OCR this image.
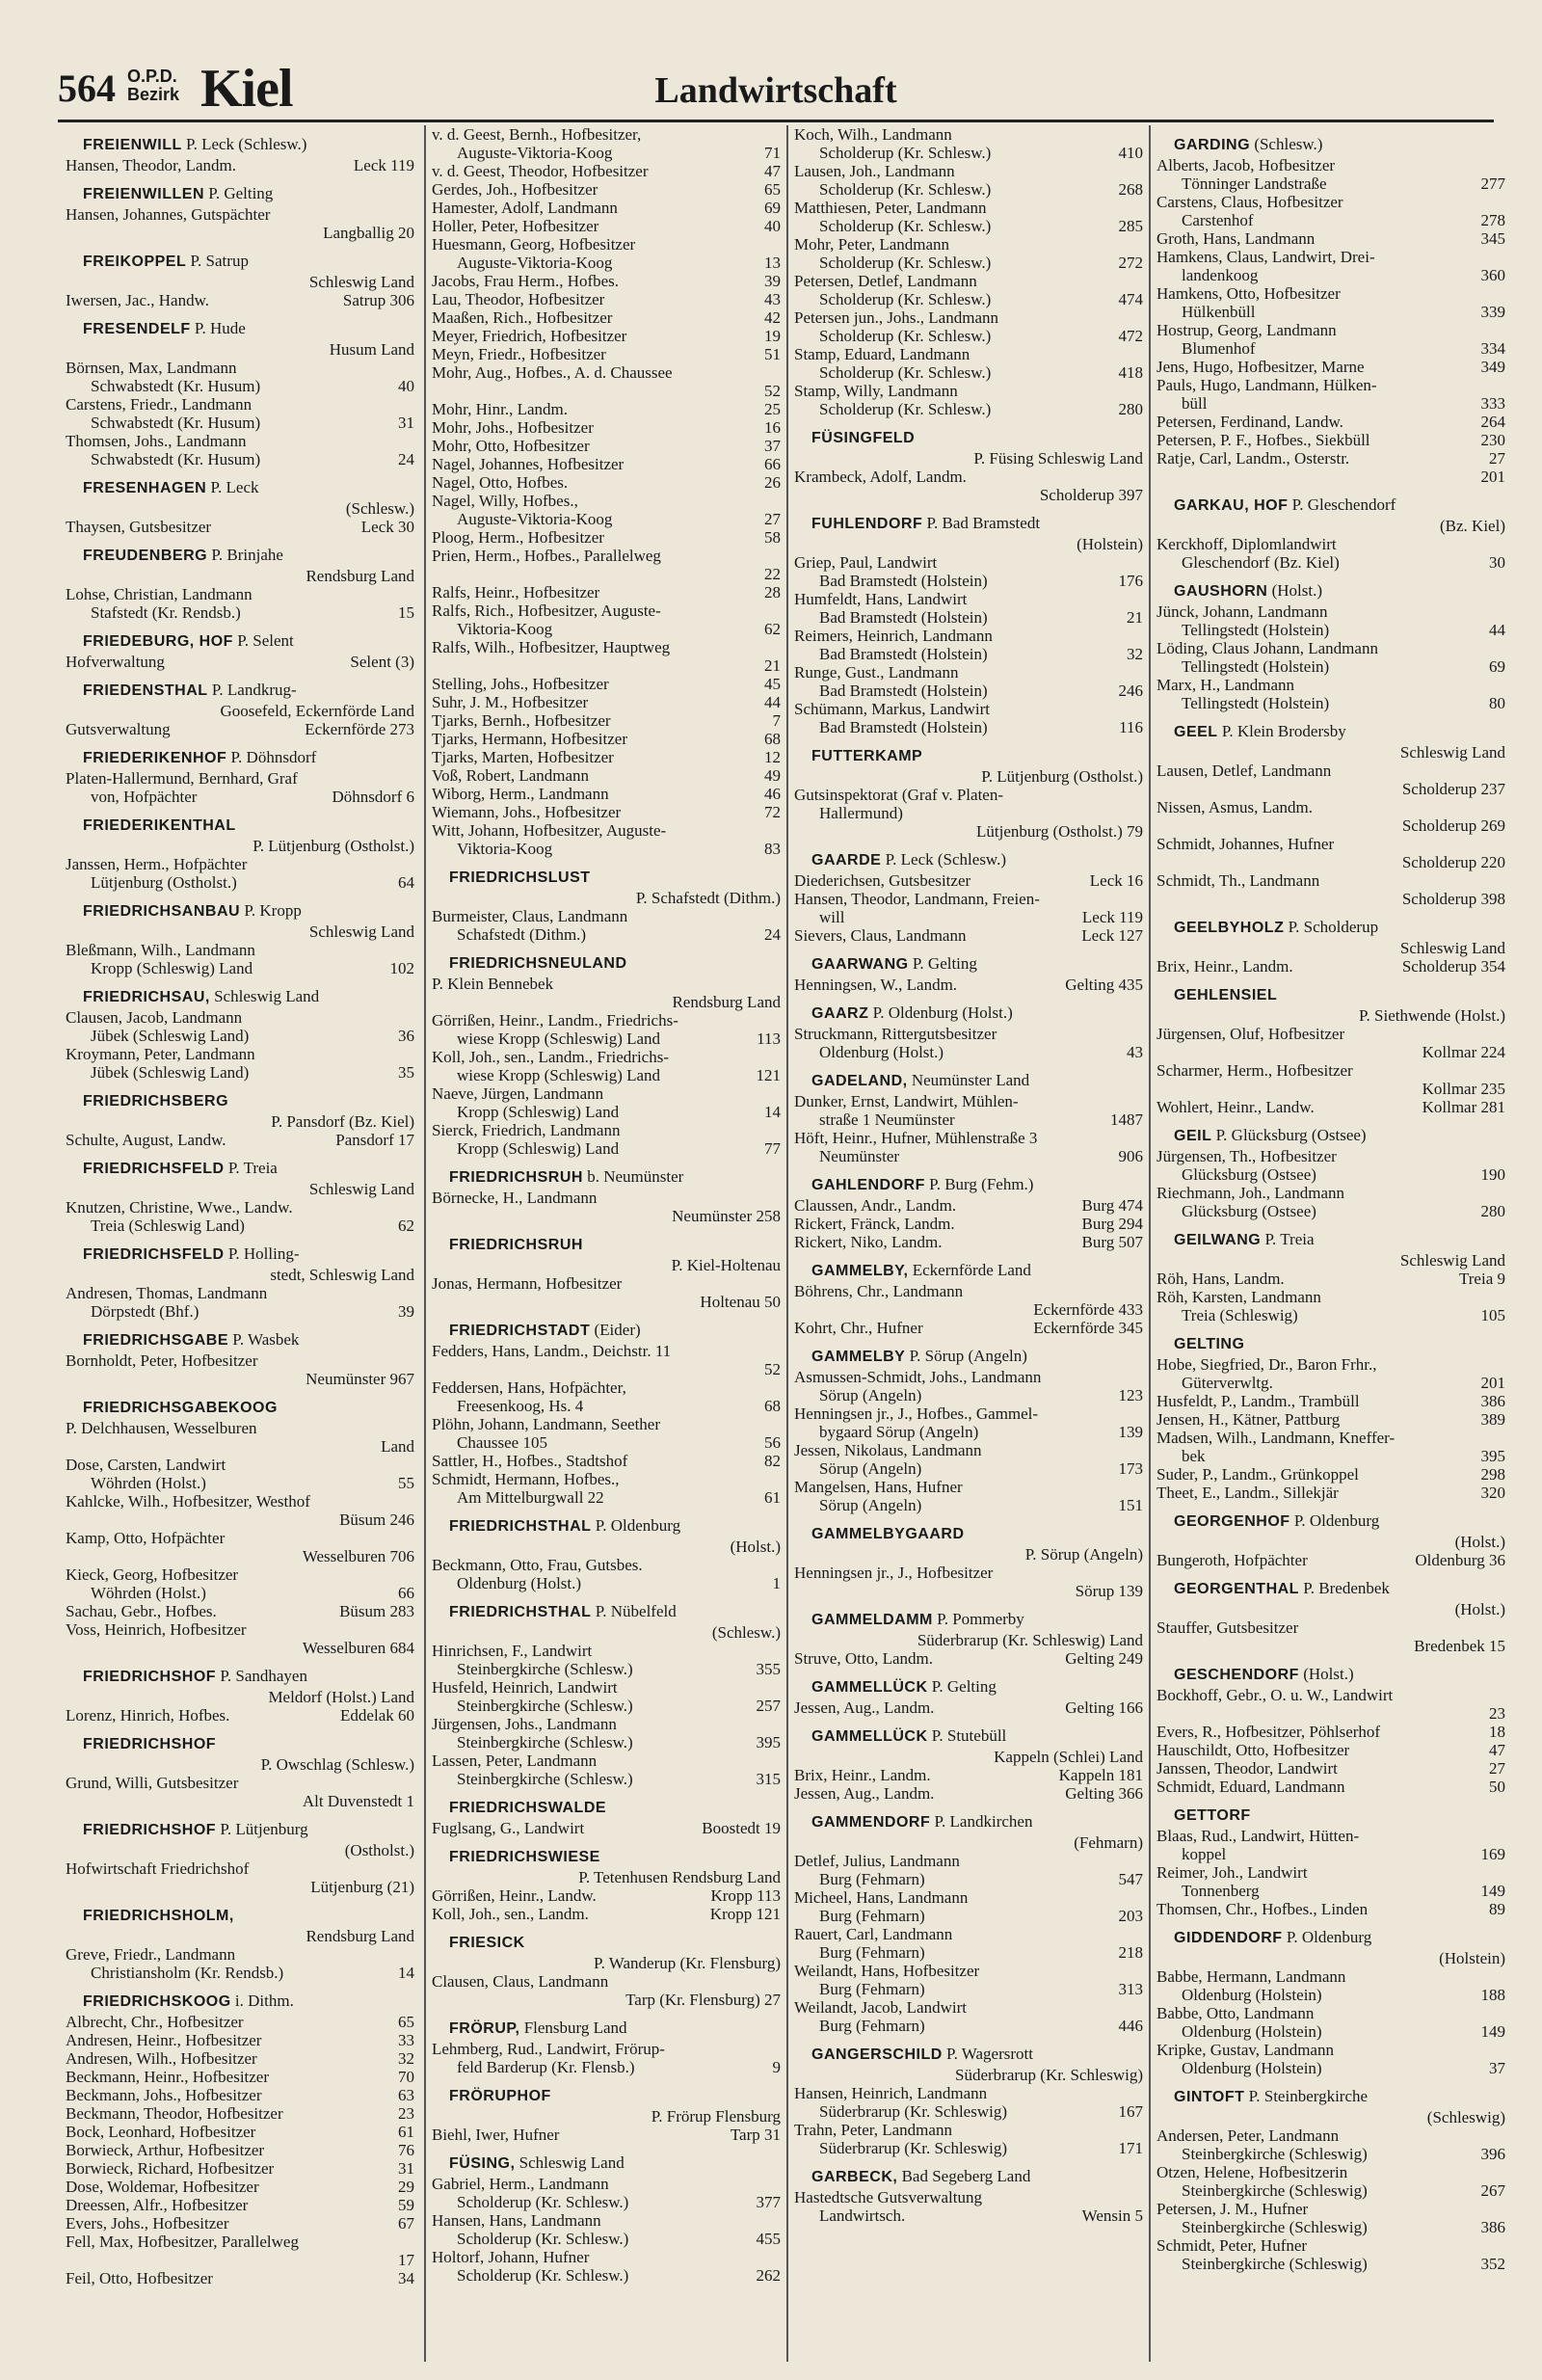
564 O.P.D.
Bezirk Kiel	Landwirtschaft
FREIENWILL P. Leck (Schlesw.)
Hansen, Theodor, Landm.	Leck 119
FREIENWILLEN P. Gelting
Hansen, Johannes, Gutspächter
Langballig 20
FREIKOPPEL P. Satrup
Schleswig Land
Iwersen, Jac., Handw.	Satrup 306
FRESENDELF P. Hude
Husum Land
Börnsen, Max, Landmann
Schwabstedt (Kr. Husum)	40
Carstens, Friedr., Landmann
Schwabstedt (Kr. Husum)	31
Thomsen, Johs., Landmann
Schwabstedt (Kr. Husum)	24
FRESENHAGEN P. Leck
(Schlesw.)
Thaysen, Gutsbesitzer	Leck 30
FREUDENBERG P. Brinjahe
Rendsburg Land
Lohse, Christian, Landmann
Stafstedt (Kr. Rendsb.)	15
FRIEDEBURG, HOF P. Selent
Hofverwaltung	Selent (3)
FRIEDENSTHAL P. Landkrug-
Goosefeld, Eckernförde Land
Gutsverwaltung	Eckernförde 273
FRIEDERIKENHOF P. Döhnsdorf
Platen-Hallermund, Bernhard, Graf
von, Hofpächter	Döhnsdorf 6
FRIEDERIKENTHAL
P. Lütjenburg (Ostholst.)
Janssen, Herm., Hofpächter
Lütjenburg (Ostholst.)	64
FRIEDRICHSANBAU P. Kropp
Schleswig Land
Bleßmann, Wilh., Landmann
Kropp (Schleswig) Land	102
FRIEDRICHSAU, Schleswig Land
Clausen, Jacob, Landmann
Jübek (Schleswig Land)	36
Kroymann, Peter, Landmann
Jübek (Schleswig Land)	35
FRIEDRICHSBERG
P. Pansdorf (Bz. Kiel)
Schulte, August, Landw.	Pansdorf 17
FRIEDRICHSFELD P. Treia
Schleswig Land
Knutzen, Christine, Wwe., Landw.
Treia (Schleswig Land)	62
FRIEDRICHSFELD P. Holling-
stedt, Schleswig Land
Andresen, Thomas, Landmann
Dörpstedt (Bhf.)	39
FRIEDRICHSGABE P. Wasbek
Bornholdt, Peter, Hofbesitzer
Neumünster 967
FRIEDRICHSGABEKOOG
P. Delchhausen, Wesselburen
Land
Dose, Carsten, Landwirt
Wöhrden (Holst.)	55
Kahlcke, Wilh., Hofbesitzer, Westhof
Büsum 246
Kamp, Otto, Hofpächter
Wesselburen 706
Kieck, Georg, Hofbesitzer
Wöhrden (Holst.)	66
Sachau, Gebr., Hofbes.	Büsum 283
Voss, Heinrich, Hofbesitzer
Wesselburen 684
FRIEDRICHSHOF P. Sandhayen
Meldorf (Holst.) Land
Lorenz, Hinrich, Hofbes.	Eddelak 60
FRIEDRICHSHOF
P. Owschlag (Schlesw.)
Grund, Willi, Gutsbesitzer
Alt Duvenstedt 1
FRIEDRICHSHOF P. Lütjenburg
(Ostholst.)
Hofwirtschaft Friedrichshof
Lütjenburg (21)
FRIEDRICHSHOLM,
Rendsburg Land
Greve, Friedr., Landmann
Christiansholm (Kr. Rendsb.)	14
FRIEDRICHSKOOG i. Dithm.
Albrecht, Chr., Hofbesitzer	65
Andresen, Heinr., Hofbesitzer	33
Andresen, Wilh., Hofbesitzer	32
Beckmann, Heinr., Hofbesitzer	70
Beckmann, Johs., Hofbesitzer	63
Beckmann, Theodor, Hofbesitzer	23
Bock, Leonhard, Hofbesitzer	61
Borwieck, Arthur, Hofbesitzer	76
Borwieck, Richard, Hofbesitzer	31
Dose, Woldemar, Hofbesitzer	29
Dreessen, Alfr., Hofbesitzer	59
Evers, Johs., Hofbesitzer	67
Fell, Max, Hofbesitzer, Parallelweg
17
Feil, Otto, Hofbesitzer	34
v. d. Geest, Bernh., Hofbesitzer,
Auguste-Viktoria-Koog	71
v. d. Geest, Theodor, Hofbesitzer	47
Gerdes, Joh., Hofbesitzer	65
Hamester, Adolf, Landmann	69
Holler, Peter, Hofbesitzer	40
Huesmann, Georg, Hofbesitzer
Auguste-Viktoria-Koog	13
Jacobs, Frau Herm., Hofbes.	39
Lau, Theodor, Hofbesitzer	43
Maaßen, Rich., Hofbesitzer	42
Meyer, Friedrich, Hofbesitzer	19
Meyn, Friedr., Hofbesitzer	51
Mohr, Aug., Hofbes., A. d. Chaussee
52
Mohr, Hinr., Landm.	25
Mohr, Johs., Hofbesitzer	16
Mohr, Otto, Hofbesitzer	37
Nagel, Johannes, Hofbesitzer	66
Nagel, Otto, Hofbes.	26
Nagel, Willy, Hofbes.,
Auguste-Viktoria-Koog	27
Ploog, Herm., Hofbesitzer	58
Prien, Herm., Hofbes., Parallelweg
22
Ralfs, Heinr., Hofbesitzer	28
Ralfs, Rich., Hofbesitzer, Auguste-
Viktoria-Koog	62
Ralfs, Wilh., Hofbesitzer, Hauptweg
21
Stelling, Johs., Hofbesitzer	45
Suhr, J. M., Hofbesitzer	44
Tjarks, Bernh., Hofbesitzer	7
Tjarks, Hermann, Hofbesitzer	68
Tjarks, Marten, Hofbesitzer	12
Voß, Robert, Landmann	49
Wiborg, Herm., Landmann	46
Wiemann, Johs., Hofbesitzer	72
Witt, Johann, Hofbesitzer, Auguste-
Viktoria-Koog	83
FRIEDRICHSLUST
P. Schafstedt (Dithm.)
Burmeister, Claus, Landmann
Schafstedt (Dithm.)	24
FRIEDRICHSNEULAND
P. Klein Bennebek
Rendsburg Land
Görrißen, Heinr., Landm., Friedrichs-
wiese Kropp (Schleswig) Land	113
Koll, Joh., sen., Landm., Friedrichs-
wiese Kropp (Schleswig) Land	121
Naeve, Jürgen, Landmann
Kropp (Schleswig) Land	14
Sierck, Friedrich, Landmann
Kropp (Schleswig) Land	77
FRIEDRICHSRUH b. Neumünster
Börnecke, H., Landmann
Neumünster 258
FRIEDRICHSRUH
P. Kiel-Holtenau
Jonas, Hermann, Hofbesitzer
Holtenau 50
FRIEDRICHSTADT (Eider)
Fedders, Hans, Landm., Deichstr. 11
52
Feddersen, Hans, Hofpächter,
Freesenkoog, Hs. 4	68
Plöhn, Johann, Landmann, Seether
Chaussee 105	56
Sattler, H., Hofbes., Stadtshof	82
Schmidt, Hermann, Hofbes.,
Am Mittelburgwall 22	61
FRIEDRICHSTHAL P. Oldenburg
(Holst.)
Beckmann, Otto, Frau, Gutsbes.
Oldenburg (Holst.)	1
FRIEDRICHSTHAL P. Nübelfeld
(Schlesw.)
Hinrichsen, F., Landwirt
Steinbergkirche (Schlesw.)	355
Husfeld, Heinrich, Landwirt
Steinbergkirche (Schlesw.)	257
Jürgensen, Johs., Landmann
Steinbergkirche (Schlesw.)	395
Lassen, Peter, Landmann
Steinbergkirche (Schlesw.)	315
FRIEDRICHSWALDE
Fuglsang, G., Landwirt	Boostedt 19
FRIEDRICHSWIESE
P. Tetenhusen Rendsburg Land
Görrißen, Heinr., Landw.	Kropp 113
Koll, Joh., sen., Landm.	Kropp 121
FRIESICK
P. Wanderup (Kr. Flensburg)
Clausen, Claus, Landmann
Tarp (Kr. Flensburg) 27
FRÖRUP, Flensburg Land
Lehmberg, Rud., Landwirt, Frörup-
feld Barderup (Kr. Flensb.)	9
FRÖRUPHOF
P. Frörup Flensburg
Biehl, Iwer, Hufner	Tarp 31
FÜSING, Schleswig Land
Gabriel, Herm., Landmann
Scholderup (Kr. Schlesw.)	377
Hansen, Hans, Landmann
Scholderup (Kr. Schlesw.)	455
Holtorf, Johann, Hufner
Scholderup (Kr. Schlesw.)	262
Koch, Wilh., Landmann
Scholderup (Kr. Schlesw.)	410
Lausen, Joh., Landmann
Scholderup (Kr. Schlesw.)	268
Matthiesen, Peter, Landmann
Scholderup (Kr. Schlesw.)	285
Mohr, Peter, Landmann
Scholderup (Kr. Schlesw.)	272
Petersen, Detlef, Landmann
Scholderup (Kr. Schlesw.)	474
Petersen jun., Johs., Landmann
Scholderup (Kr. Schlesw.)	472
Stamp, Eduard, Landmann
Scholderup (Kr. Schlesw.)	418
Stamp, Willy, Landmann
Scholderup (Kr. Schlesw.)	280
FÜSINGFELD
P. Füsing Schleswig Land
Krambeck, Adolf, Landm.
Scholderup 397
FUHLENDORF P. Bad Bramstedt
(Holstein)
Griep, Paul, Landwirt
Bad Bramstedt (Holstein)	176
Humfeldt, Hans, Landwirt
Bad Bramstedt (Holstein)	21
Reimers, Heinrich, Landmann
Bad Bramstedt (Holstein)	32
Runge, Gust., Landmann
Bad Bramstedt (Holstein)	246
Schümann, Markus, Landwirt
Bad Bramstedt (Holstein)	116
FUTTERKAMP
P. Lütjenburg (Ostholst.)
Gutsinspektorat (Graf v. Platen-
Hallermund)
Lütjenburg (Ostholst.) 79
GAARDE P. Leck (Schlesw.)
Diederichsen, Gutsbesitzer	Leck 16
Hansen, Theodor, Landmann, Freien-
will	Leck 119
Sievers, Claus, Landmann	Leck 127
GAARWANG P. Gelting
Henningsen, W., Landm.	Gelting 435
GAARZ P. Oldenburg (Holst.)
Struckmann, Rittergutsbesitzer
Oldenburg (Holst.)	43
GADELAND, Neumünster Land
Dunker, Ernst, Landwirt, Mühlen-
straße 1 Neumünster	1487
Höft, Heinr., Hufner, Mühlenstraße 3
Neumünster	906
GAHLENDORF P. Burg (Fehm.)
Claussen, Andr., Landm.	Burg 474
Rickert, Fränck, Landm.	Burg 294
Rickert, Niko, Landm.	Burg 507
GAMMELBY, Eckernförde Land
Böhrens, Chr., Landmann
Eckernförde 433
Kohrt, Chr., Hufner	Eckernförde 345
GAMMELBY P. Sörup (Angeln)
Asmussen-Schmidt, Johs., Landmann
Sörup (Angeln)	123
Henningsen jr., J., Hofbes., Gammel-
bygaard Sörup (Angeln)	139
Jessen, Nikolaus, Landmann
Sörup (Angeln)	173
Mangelsen, Hans, Hufner
Sörup (Angeln)	151
GAMMELBYGAARD
P. Sörup (Angeln)
Henningsen jr., J., Hofbesitzer
Sörup 139
GAMMELDAMM P. Pommerby
Süderbrarup (Kr. Schleswig) Land
Struve, Otto, Landm.	Gelting 249
GAMMELLÜCK P. Gelting
Jessen, Aug., Landm.	Gelting 166
GAMMELLÜCK P. Stutebüll
Kappeln (Schlei) Land
Brix, Heinr., Landm.	Kappeln 181
Jessen, Aug., Landm.	Gelting 366
GAMMENDORF P. Landkirchen
(Fehmarn)
Detlef, Julius, Landmann
Burg (Fehmarn)	547
Micheel, Hans, Landmann
Burg (Fehmarn)	203
Rauert, Carl, Landmann
Burg (Fehmarn)	218
Weilandt, Hans, Hofbesitzer
Burg (Fehmarn)	313
Weilandt, Jacob, Landwirt
Burg (Fehmarn)	446
GANGERSCHILD P. Wagersrott
Süderbrarup (Kr. Schleswig)
Hansen, Heinrich, Landmann
Süderbrarup (Kr. Schleswig)	167
Trahn, Peter, Landmann
Süderbrarup (Kr. Schleswig)	171
GARBECK, Bad Segeberg Land
Hastedtsche Gutsverwaltung
Landwirtsch.	Wensin 5
GARDING (Schlesw.)
Alberts, Jacob, Hofbesitzer
Tönninger Landstraße	277
Carstens, Claus, Hofbesitzer
Carstenhof	278
Groth, Hans, Landmann	345
Hamkens, Claus, Landwirt, Drei-
landenkoog	360
Hamkens, Otto, Hofbesitzer
Hülkenbüll	339
Hostrup, Georg, Landmann
Blumenhof	334
Jens, Hugo, Hofbesitzer, Marne	349
Pauls, Hugo, Landmann, Hülken-
büll	333
Petersen, Ferdinand, Landw.	264
Petersen, P. F., Hofbes., Siekbüll	230
Ratje, Carl, Landm., Osterstr.	27
201
GARKAU, HOF P. Gleschendorf
(Bz. Kiel)
Kerckhoff, Diplomlandwirt
Gleschendorf (Bz. Kiel)	30
GAUSHORN (Holst.)
Jünck, Johann, Landmann
Tellingstedt (Holstein)	44
Löding, Claus Johann, Landmann
Tellingstedt (Holstein)	69
Marx, H., Landmann
Tellingstedt (Holstein)	80
GEEL P. Klein Brodersby
Schleswig Land
Lausen, Detlef, Landmann
Scholderup 237
Nissen, Asmus, Landm.
Scholderup 269
Schmidt, Johannes, Hufner
Scholderup 220
Schmidt, Th., Landmann
Scholderup 398
GEELBYHOLZ P. Scholderup
Schleswig Land
Brix, Heinr., Landm.	Scholderup 354
GEHLENSIEL
P. Siethwende (Holst.)
Jürgensen, Oluf, Hofbesitzer
Kollmar 224
Scharmer, Herm., Hofbesitzer
Kollmar 235
Wohlert, Heinr., Landw.	Kollmar 281
GEIL P. Glücksburg (Ostsee)
Jürgensen, Th., Hofbesitzer
Glücksburg (Ostsee)	190
Riechmann, Joh., Landmann
Glücksburg (Ostsee)	280
GEILWANG P. Treia
Schleswig Land
Röh, Hans, Landm.	Treia 9
Röh, Karsten, Landmann
Treia (Schleswig)	105
GELTING
Hobe, Siegfried, Dr., Baron Frhr.,
Güterverwltg.	201
Husfeldt, P., Landm., Trambüll	386
Jensen, H., Kätner, Pattburg	389
Madsen, Wilh., Landmann, Kneffer-
bek	395
Suder, P., Landm., Grünkoppel	298
Theet, E., Landm., Sillekjär	320
GEORGENHOF P. Oldenburg
(Holst.)
Bungeroth, Hofpächter	Oldenburg 36
GEORGENTHAL P. Bredenbek
(Holst.)
Stauffer, Gutsbesitzer
Bredenbek 15
GESCHENDORF (Holst.)
Bockhoff, Gebr., O. u. W., Landwirt
23
Evers, R., Hofbesitzer, Pöhlserhof	18
Hauschildt, Otto, Hofbesitzer	47
Janssen, Theodor, Landwirt	27
Schmidt, Eduard, Landmann	50
GETTORF
Blaas, Rud., Landwirt, Hütten-
koppel	169
Reimer, Joh., Landwirt
Tonnenberg	149
Thomsen, Chr., Hofbes., Linden	89
GIDDENDORF P. Oldenburg
(Holstein)
Babbe, Hermann, Landmann
Oldenburg (Holstein)	188
Babbe, Otto, Landmann
Oldenburg (Holstein)	149
Kripke, Gustav, Landmann
Oldenburg (Holstein)	37
GINTOFT P. Steinbergkirche
(Schleswig)
Andersen, Peter, Landmann
Steinbergkirche (Schleswig)	396
Otzen, Helene, Hofbesitzerin
Steinbergkirche (Schleswig)	267
Petersen, J. M., Hufner
Steinbergkirche (Schleswig)	386
Schmidt, Peter, Hufner
Steinbergkirche (Schleswig)	352
